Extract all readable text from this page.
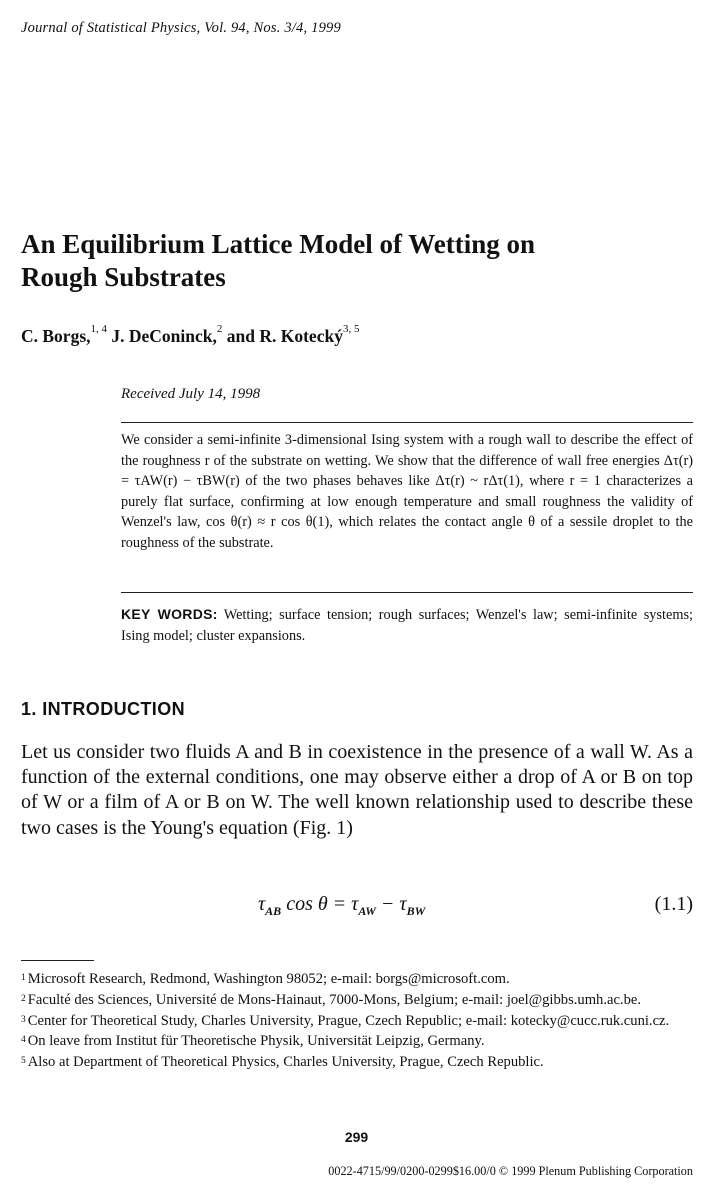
Journal of Statistical Physics, Vol. 94, Nos. 3/4, 1999
An Equilibrium Lattice Model of Wetting on
Rough Substrates
C. Borgs,$^{1, 4}$ J. DeConinck,$^2$ and R. Kotecký$^{3, 5}$
Received July 14, 1998

We consider a semi-infinite 3-dimensional Ising system with a rough wall to describe the effect of the roughness r of the substrate on wetting. We show that the difference of wall free energies Δτ(r) = τAW(r) − τBW(r) of the two phases behaves like Δτ(r) ~ rΔτ(1), where r = 1 characterizes a purely flat surface, confirming at low enough temperature and small roughness the validity of Wenzel's law, cos θ(r) ≈ r cos θ(1), which relates the contact angle θ of a sessile droplet to the roughness of the substrate.

KEY WORDS: Wetting; surface tension; rough surfaces; Wenzel's law; semi-infinite systems; Ising model; cluster expansions.
1. INTRODUCTION

Let us consider two fluids A and B in coexistence in the presence of a wall W. As a function of the external conditions, one may observe either a drop of A or B on top of W or a film of A or B on W. The well known relationship used to describe these two cases is the Young's equation (Fig. 1)

$\tau_{AB}$ $\cos \theta = \tau_{AW} - \tau_{BW}$	(1.1)
$^1$ Microsoft Research, Redmond, Washington 98052; e-mail: borgs@microsoft.com.
$^2$ Faculté des Sciences, Université de Mons-Hainaut, 7000-Mons, Belgium; e-mail: joel@gibbs.umh.ac.be.
$^3$ Center for Theoretical Study, Charles University, Prague, Czech Republic; e-mail: kotecky@cucc.ruk.cuni.cz.
$^4$ On leave from Institut für Theoretische Physik, Universität Leipzig, Germany.
$^5$ Also at Department of Theoretical Physics, Charles University, Prague, Czech Republic.
299
0022-4715/99/0200-0299$16.00/0 © 1999 Plenum Publishing Corporation
